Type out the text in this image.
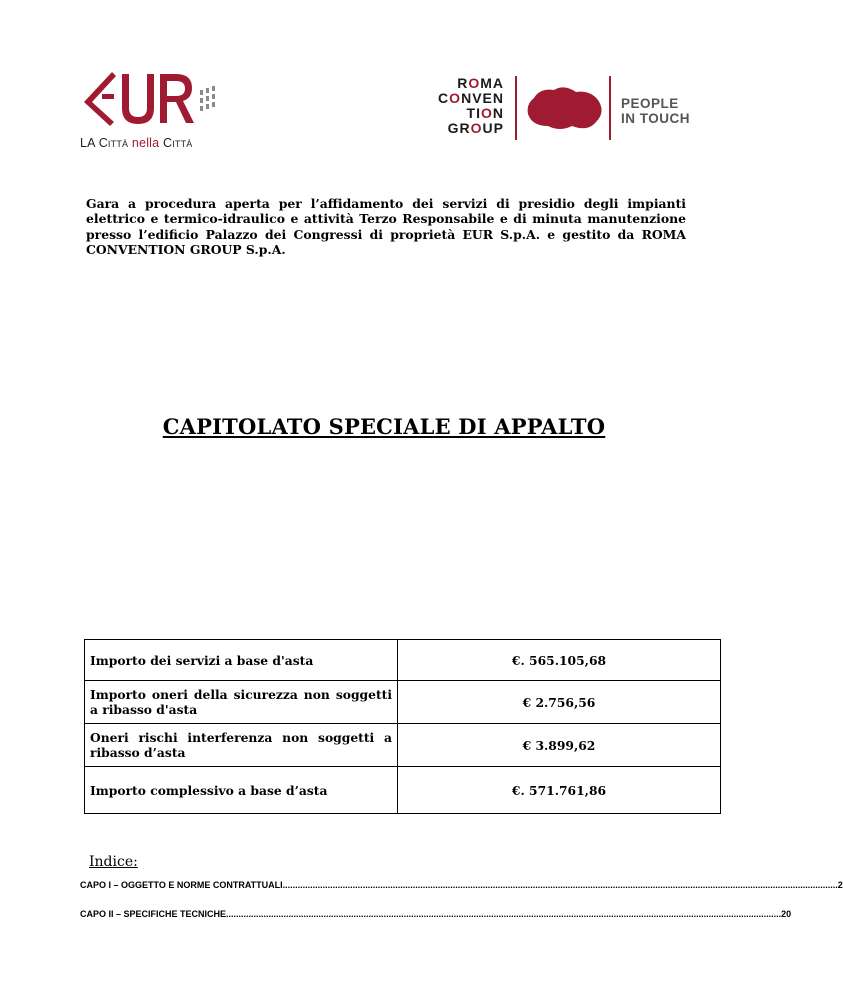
LA Città nella Città
ROMA
CONVEN
TION
GROUP
PEOPLE
IN TOUCH
Gara a procedura aperta per l’affidamento dei servizi di presidio degli impianti elettrico e termico-idraulico e attività Terzo Responsabile e di minuta manutenzione presso l’edificio Palazzo dei Congressi di proprietà EUR S.p.A. e gestito da ROMA CONVENTION GROUP S.p.A.
CAPITOLATO SPECIALE DI APPALTO
Importo dei servizi a base d'asta	€. 565.105,68
Importo oneri della sicurezza non soggetti a ribasso d'asta	€ 2.756,56
Oneri rischi interferenza non soggetti a ribasso d’asta	€ 3.899,62
Importo complessivo a base d’asta	€. 571.761,86
Indice:
CAPO I – OGGETTO E NORME CONTRATTUALI .............................................................................................................................................................................................................................. 2
CAPO II – SPECIFICHE TECNICHE .............................................................................................................................................................................................................................. 20
